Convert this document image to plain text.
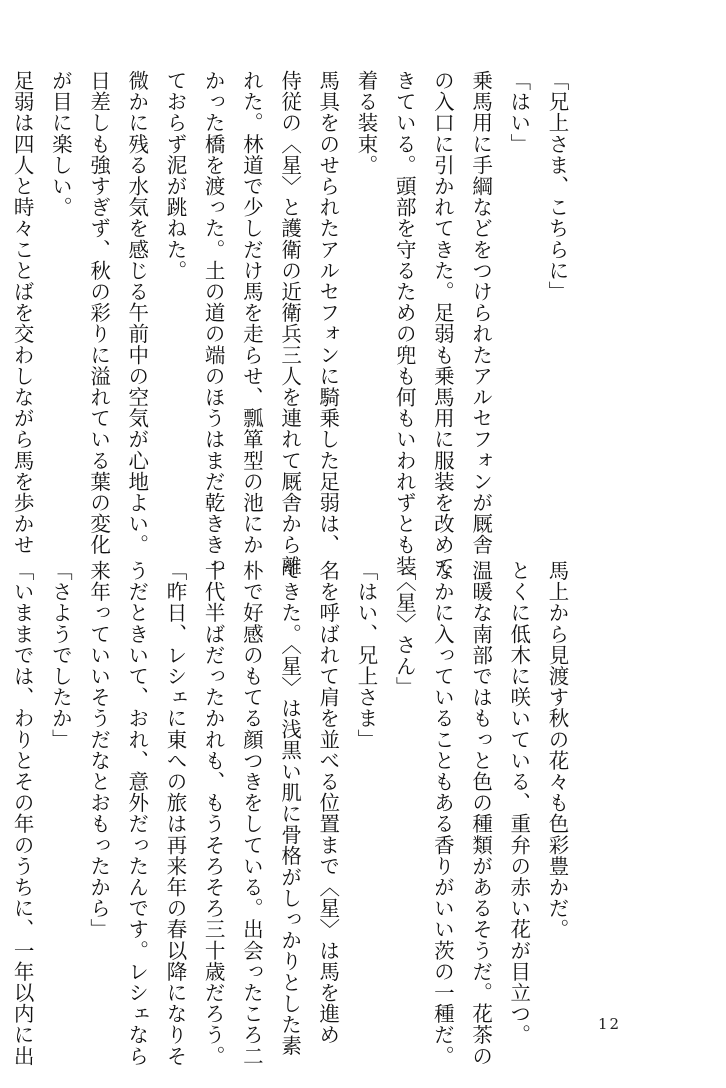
「兄上さま、こちらに」
「はい」
乗馬用に手綱などをつけられたアルセフォンが厩舎
の入口に引かれてきた。足弱も乗馬用に服装を改めて
きている。頭部を守るための兜も何もいわれずとも装
着る装束。
馬具をのせられたアルセフォンに騎乗した足弱は、
侍従の〈星〉と護衛の近衛兵三人を連れて厩舎から離
れた。林道で少しだけ馬を走らせ、瓢箪型の池にか
かった橋を渡った。土の道の端のほうはまだ乾ききっ
ておらず泥が跳ねた。
微かに残る水気を感じる午前中の空気が心地よい。
日差しも強すぎず、秋の彩りに溢れている葉の変化
が目に楽しい。
足弱は四人と時々ことばを交わしながら馬を歩かせ
馬上から見渡す秋の花々も色彩豊かだ。
とくに低木に咲いている、重弁の赤い花が目立つ。
温暖な南部ではもっと色の種類があるそうだ。花茶の
なかに入っていることもある香りがいい茨の一種だ。
「〈星〉さん」
「はい、兄上さま」
名を呼ばれて肩を並べる位置まで〈星〉は馬を進め
てきた。〈星〉は浅黒い肌に骨格がしっかりとした素
朴で好感のもてる顔つきをしている。出会ったころ二
十代半ばだったかれも、もうそろそろ三十歳だろう。
「昨日、レシェに東への旅は再来年の春以降になりそ
うだときいて、おれ、意外だったんです。レシェなら
来年っていいそうだなとおもったから」
「さようでしたか」
「いままでは、わりとその年のうちに、一年以内に出	12
